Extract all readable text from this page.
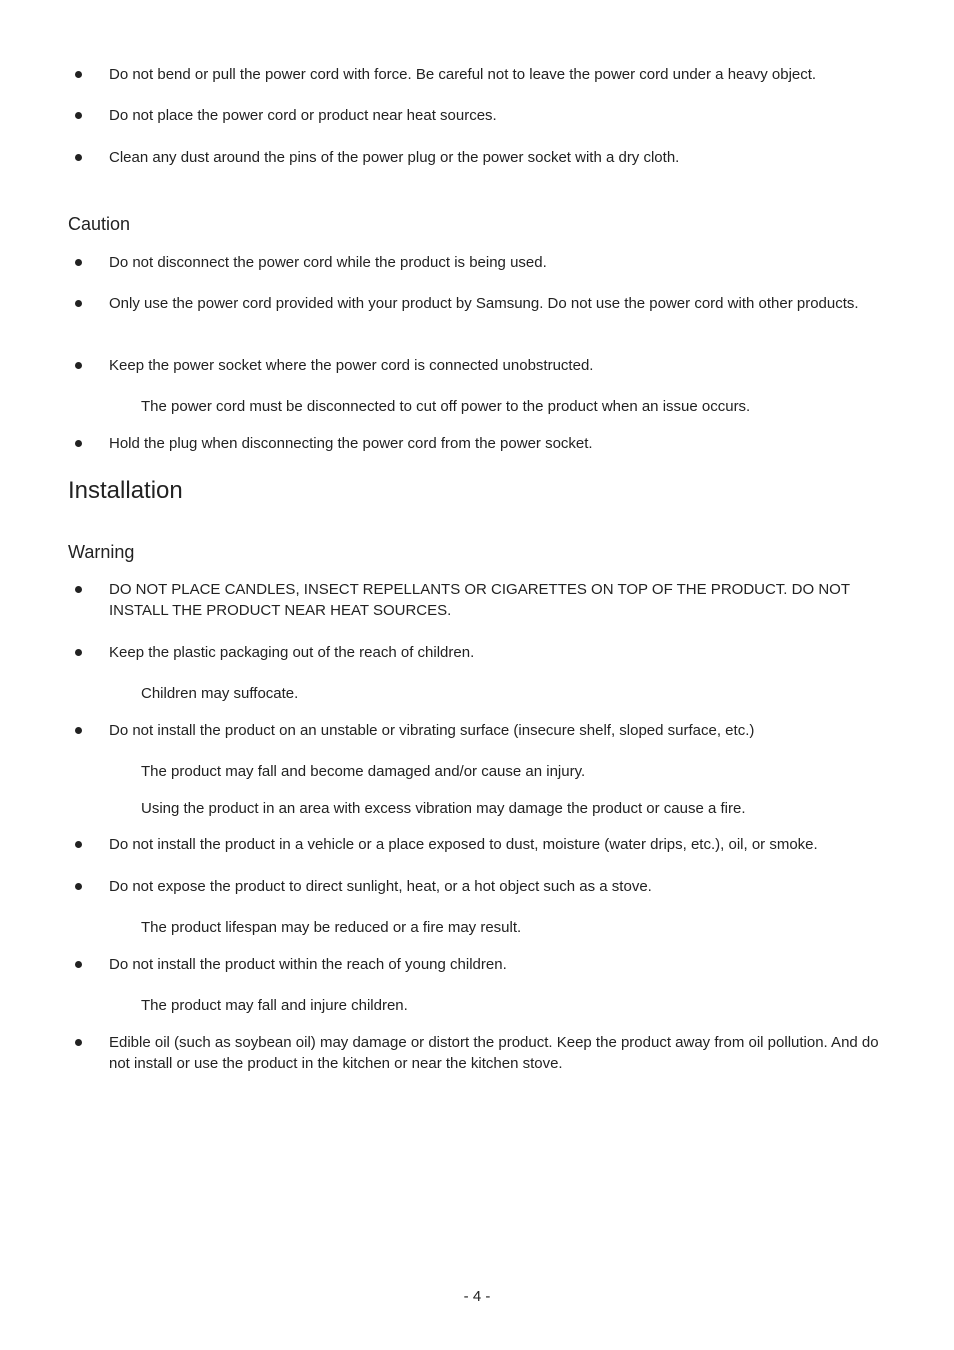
Do not bend or pull the power cord with force. Be careful not to leave the power cord under a heavy object.
Do not place the power cord or product near heat sources.
Clean any dust around the pins of the power plug or the power socket with a dry cloth.
Caution
Do not disconnect the power cord while the product is being used.
Only use the power cord provided with your product by Samsung. Do not use the power cord with other products.
Keep the power socket where the power cord is connected unobstructed.
The power cord must be disconnected to cut off power to the product when an issue occurs.
Hold the plug when disconnecting the power cord from the power socket.
Installation
Warning
DO NOT PLACE CANDLES, INSECT REPELLANTS OR CIGARETTES ON TOP OF THE PRODUCT. DO NOT INSTALL THE PRODUCT NEAR HEAT SOURCES.
Keep the plastic packaging out of the reach of children.
Children may suffocate.
Do not install the product on an unstable or vibrating surface (insecure shelf, sloped surface, etc.)
The product may fall and become damaged and/or cause an injury.
Using the product in an area with excess vibration may damage the product or cause a fire.
Do not install the product in a vehicle or a place exposed to dust, moisture (water drips, etc.), oil, or smoke.
Do not expose the product to direct sunlight, heat, or a hot object such as a stove.
The product lifespan may be reduced or a fire may result.
Do not install the product within the reach of young children.
The product may fall and injure children.
Edible oil (such as soybean oil) may damage or distort the product. Keep the product away from oil pollution. And do not install or use the product in the kitchen or near the kitchen stove.
- 4 -
